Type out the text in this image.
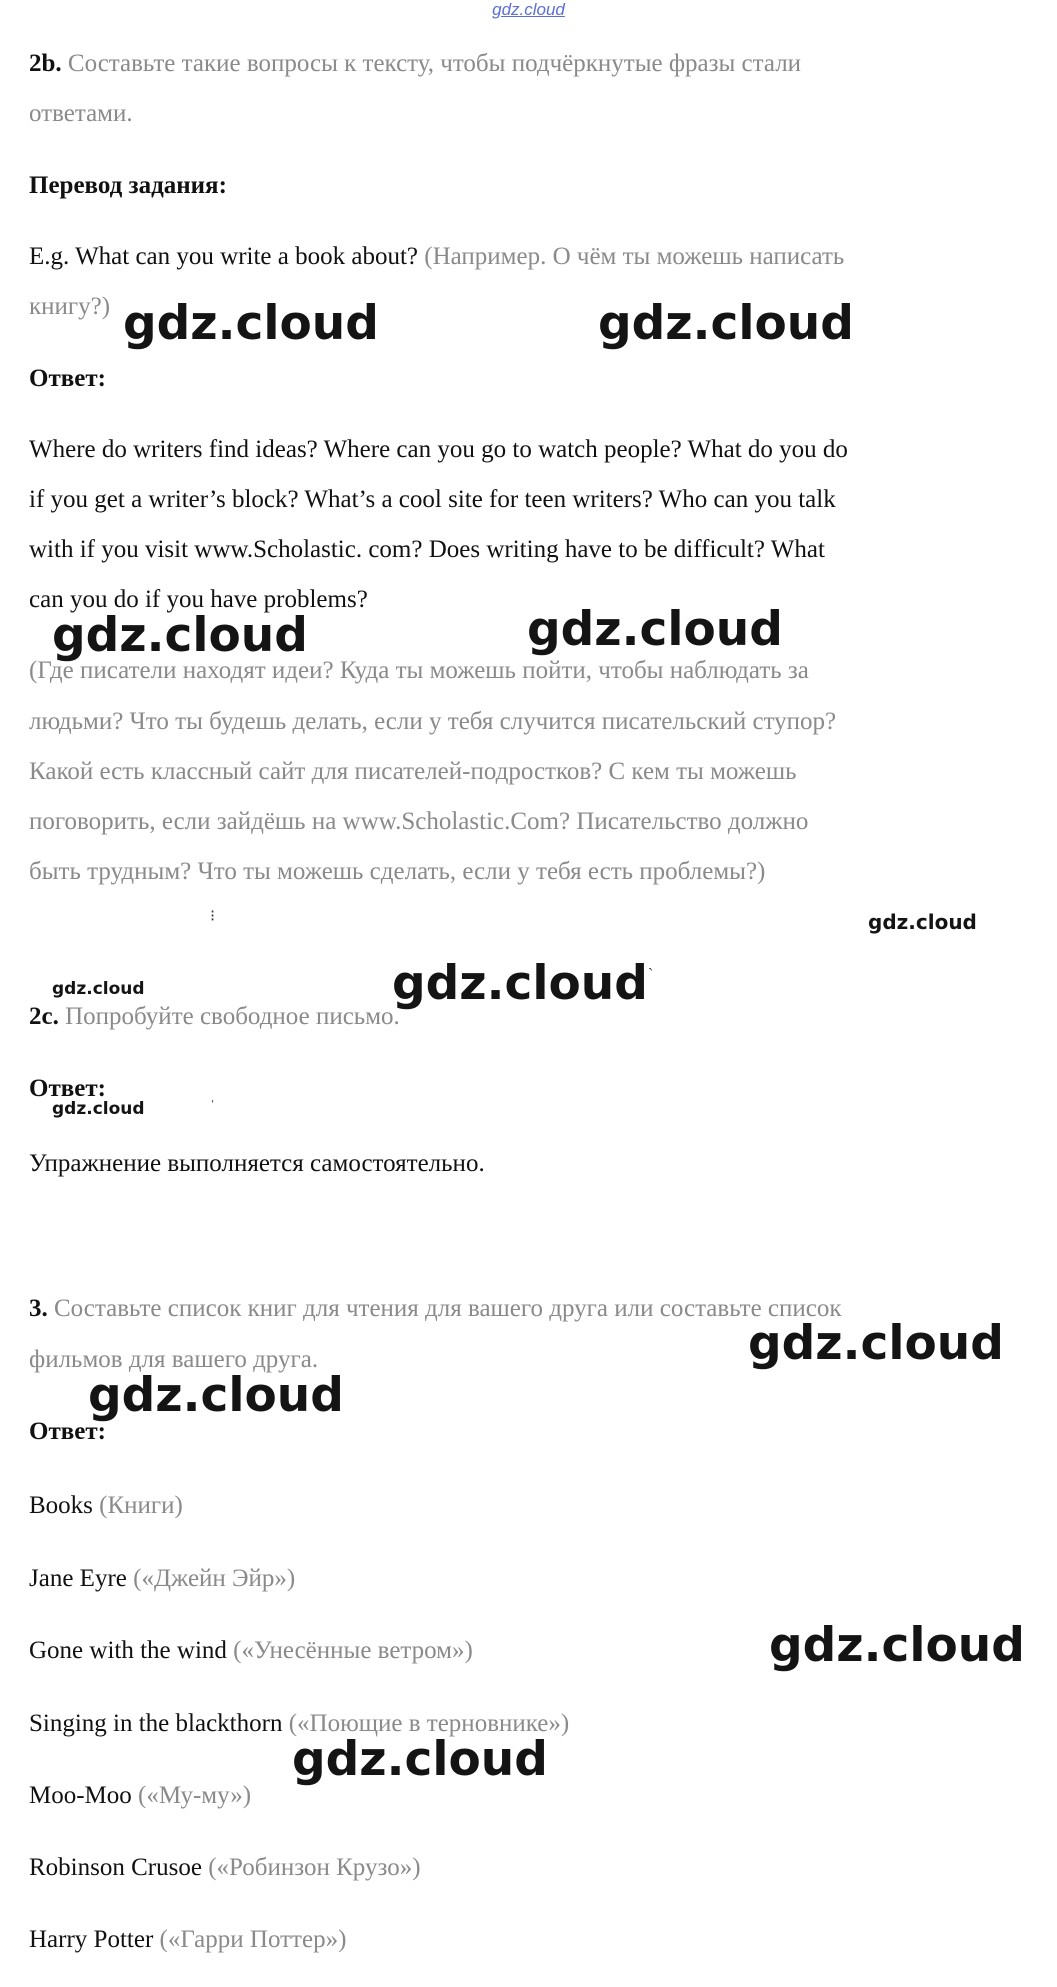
gdz.cloud
2b. Составьте такие вопросы к тексту, чтобы подчёркнутые фразы стали
ответами.
Перевод задания:
E.g. What can you write a book about? (Например. О чём ты можешь написать
книгу?)
Ответ:
Where do writers find ideas? Where can you go to watch people? What do you do
if you get a writer’s block? What’s a cool site for teen writers? Who can you talk
with if you visit www.Scholastic. com? Does writing have to be difficult? What
can you do if you have problems?
(Где писатели находят идеи? Куда ты можешь пойти, чтобы наблюдать за
людьми? Что ты будешь делать, если у тебя случится писательский ступор?
Какой есть классный сайт для писателей-подростков? С кем ты можешь
поговорить, если зайдёшь на www.Scholastic.Com? Писательство должно
быть трудным? Что ты можешь сделать, если у тебя есть проблемы?)
2c. Попробуйте свободное письмо.
Ответ:
Упражнение выполняется самостоятельно.
3. Составьте список книг для чтения для вашего друга или составьте список
фильмов для вашего друга.
Ответ:
Books (Книги)
Jane Eyre («Джейн Эйр»)
Gone with the wind («Унесённые ветром»)
Singing in the blackthorn («Поющие в терновнике»)
Moo-Moo («Му-му»)
Robinson Crusoe («Робинзон Крузо»)
Harry Potter («Гарри Поттер»)
gdz.cloud	gdz.cloud
gdz.cloud	gdz.cloud
gdz.cloud
gdz.cloud	gdz.cloud
gdz.cloud
gdz.cloud
gdz.cloud
gdz.cloud
gdz.cloud
⁝
ˋ
ˌ
